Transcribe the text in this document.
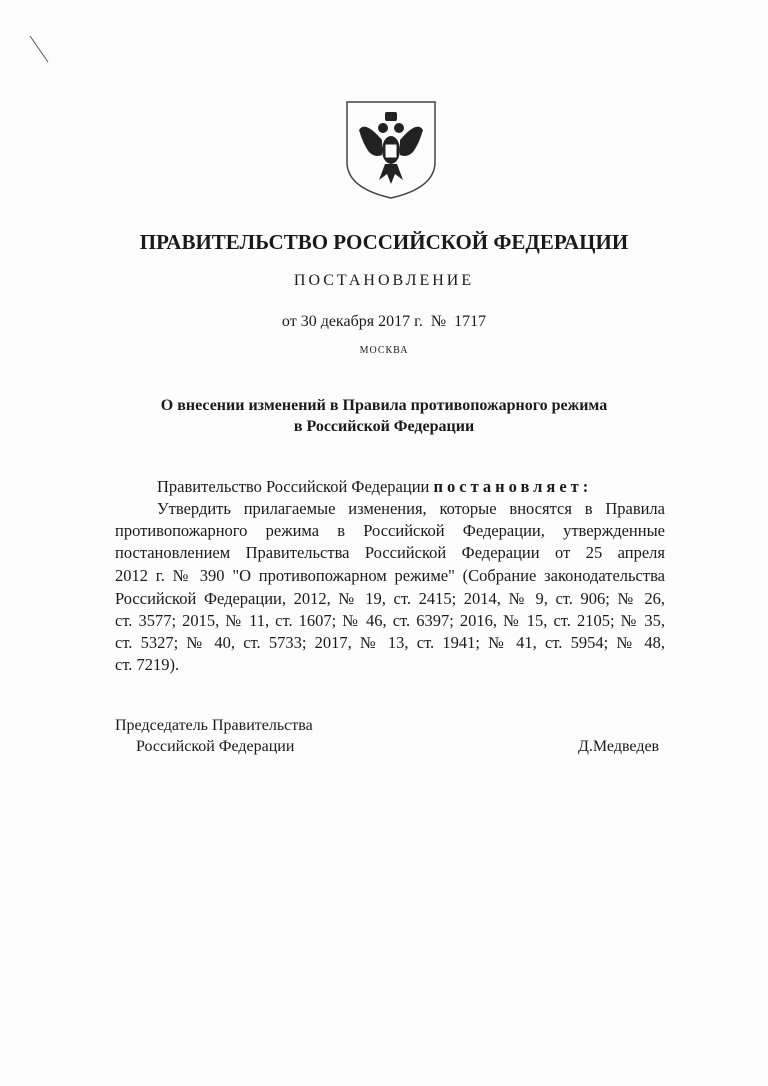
ПРАВИТЕЛЬСТВО РОССИЙСКОЙ ФЕДЕРАЦИИ
ПОСТАНОВЛЕНИЕ
от 30 декабря 2017 г.  №  1717
МОСКВА
О внесении изменений в Правила противопожарного режима
в Российской Федерации
Правительство Российской Федерации постановляет:
Утвердить прилагаемые изменения, которые вносятся в Правила
противопожарного режима в Российской Федерации, утвержденные
постановлением Правительства Российской Федерации от 25 апреля
2012 г. № 390 "О противопожарном режиме" (Собрание законодательства
Российской Федерации, 2012, № 19, ст. 2415; 2014, № 9, ст. 906; № 26,
ст. 3577; 2015, № 11, ст. 1607; № 46, ст. 6397; 2016, № 15, ст. 2105; № 35,
ст. 5327; № 40, ст. 5733; 2017, № 13, ст. 1941; № 41, ст. 5954; № 48,
ст. 7219).
Председатель Правительства
Российской Федерации	Д.Медведев
